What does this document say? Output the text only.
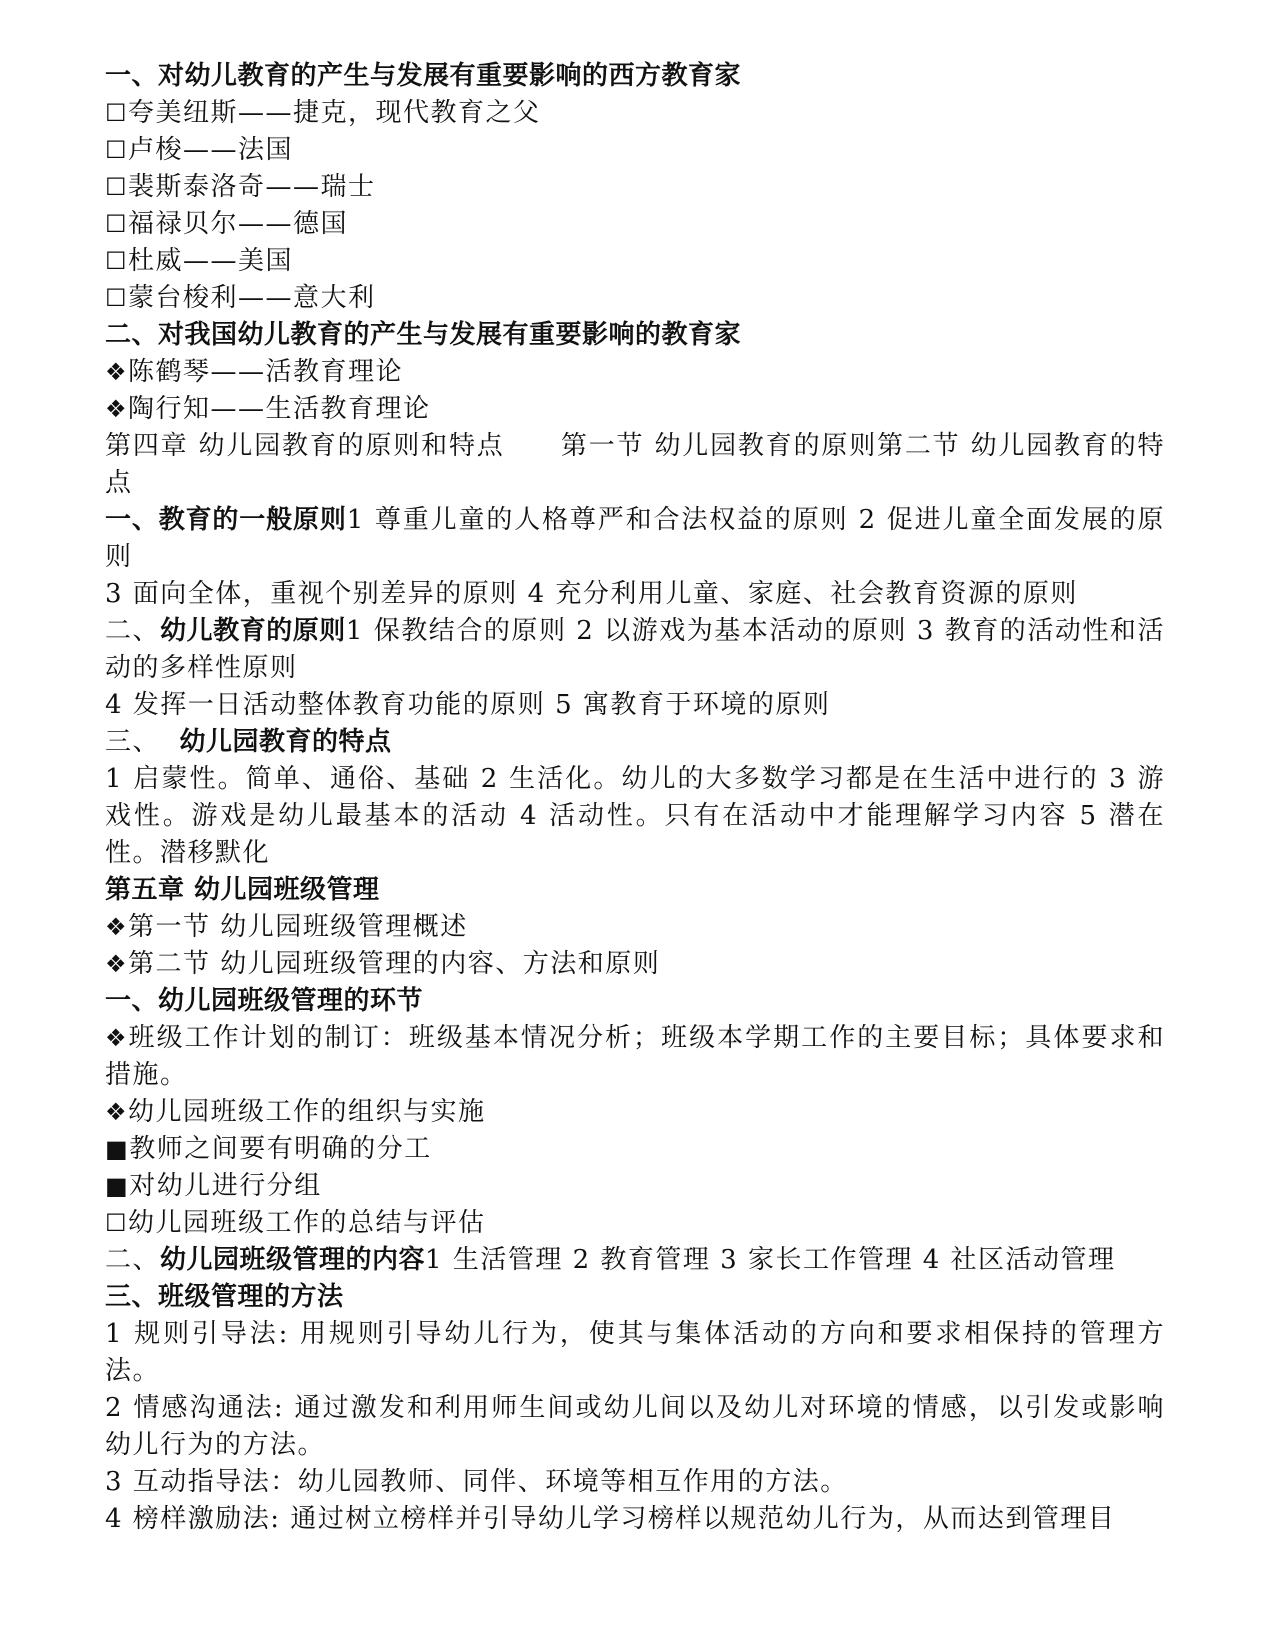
一、对幼儿教育的产生与发展有重要影响的西方教育家

☐夸美纽斯——捷克，现代教育之父

☐卢梭——法国

☐裴斯泰洛奇——瑞士

☐福禄贝尔——德国

☐杜威——美国

☐蒙台梭利——意大利

二、对我国幼儿教育的产生与发展有重要影响的教育家

❖陈鹤琴——活教育理论

❖陶行知——生活教育理论

第四章 幼儿园教育的原则和特点 第一节 幼儿园教育的原则第二节 幼儿园教育的特点

一、教育的一般原则1 尊重儿童的人格尊严和合法权益的原则 2 促进儿童全面发展的原则

3 面向全体，重视个别差异的原则 4 充分利用儿童、家庭、社会教育资源的原则

二、幼儿教育的原则1 保教结合的原则 2 以游戏为基本活动的原则 3 教育的活动性和活动的多样性原则

4 发挥一日活动整体教育功能的原则 5 寓教育于环境的原则

三、 幼儿园教育的特点

1 启蒙性。简单、通俗、基础 2 生活化。幼儿的大多数学习都是在生活中进行的 3 游戏性。游戏是幼儿最基本的活动 4 活动性。只有在活动中才能理解学习内容 5 潜在性。潜移默化

第五章 幼儿园班级管理

❖第一节 幼儿园班级管理概述

❖第二节 幼儿园班级管理的内容、方法和原则

一、幼儿园班级管理的环节

❖班级工作计划的制订：班级基本情况分析；班级本学期工作的主要目标；具体要求和措施。

❖幼儿园班级工作的组织与实施

■教师之间要有明确的分工

■对幼儿进行分组

☐幼儿园班级工作的总结与评估

二、幼儿园班级管理的内容1 生活管理 2 教育管理 3 家长工作管理 4 社区活动管理

三、班级管理的方法

1 规则引导法: 用规则引导幼儿行为，使其与集体活动的方向和要求相保持的管理方法。

2 情感沟通法: 通过激发和利用师生间或幼儿间以及幼儿对环境的情感，以引发或影响幼儿行为的方法。

3 互动指导法：幼儿园教师、同伴、环境等相互作用的方法。

4 榜样激励法: 通过树立榜样并引导幼儿学习榜样以规范幼儿行为，从而达到管理目
